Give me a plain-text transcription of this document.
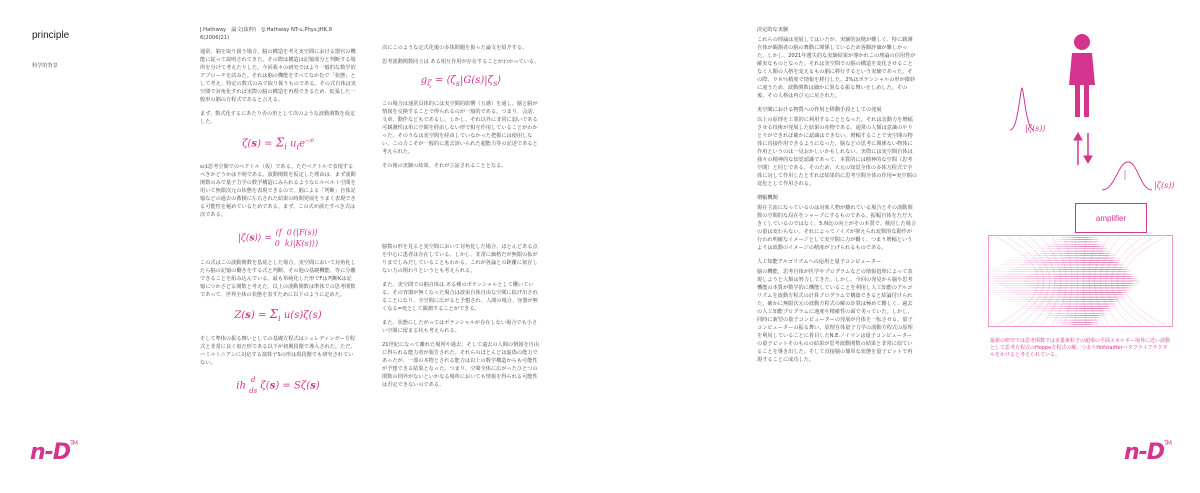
principle

科学的背景

J.Hathway　論文(抜粋)　(J.Hathway NT-u.Phys.JHK.8 6(2006)21)

通常、脳を取り扱う場合、脳の構造を考え実空間における器官の機能に従って説明されてきた。その際は構造は記憶部分と判断する場所を分けて考えたりした。今回我々の研究ではより一般的な数学的アプローチを試みた。それは脳の機能をすべてなかむで「状態」として考え、特定の数式のみで取り扱うものである。その式自体は実空間で対角化すれば実際の脳の構造を再現できるため、拡張した一般形の脳の方程式であると言える。

まず、数式化するにあたり否の形として次のような波動関数を仮定した。

$\zeta(s) = \Sigma_i$ $u_ie^{-i\theta}$

sは思考空間でのベクトル（仮）である。ただベクトルで表現するべきかどうかは不明である。波動関数を仮定した理由は、まず波動関数のみで量子力学の数学構造にみられるようなヒルベルト空間を用いて無限次元の状態を表現できるので、脳による「判断」自体記憶などの過去の蓄積に左右された結果の時間発展をうまく表現できる可能性を秘めているためである。まず、この式が満たすべき式は次である。

|ζ(s)⟩ = (f  0
0  k)(|F(s)⟩
|K(s)⟩)

この式はこの波動関数を基底とした場合、実空間において対角化したら脳の記憶の働きをする式と判断、その他の基礎機能、等に分離できることを組み込んでいる。最も単純化した形でFは判断Kは記憶につかさどる関数と考えた。以上の波動関数は準体での思考関数であって、世界全体の状態を表すために以下のように定めた。

$Z(s) = \Sigma_i$ u(s)ζ(s)

そして準体の振る舞いとしての基礎方程式はシュレディンガー方程式と非常に良く似た形である以下が初期段階で導入された。ただ、ハミルトニアンに対応する演算子Sの形は現段階でも研究されていない。

ih d
ds ζ(s) = Sζ(s)

次にこのような定式化後の多体問題を扱った論文を紹介する。

思考波動関数同士は ある相互作用が存在することがわかっている。

$g_\zeta$ = $⟨\zeta_s|G(s)|\zeta_s⟩$

この場合は通常具体的には実空間的影響（五感）を通し、脳と脳が情報を交換することで得られるのが一般的である。つまり、会話、文章、動作などもであるし。しかし、それ以外に非常に弱いである可観測性は単に空間を経由しない形で相互作用していることがわかった。そのうなは実空間を経由していなかった把握には使用しない。この力こそが一般的に逃去誤いられた超能力等の記述であると考えられた。

その後の実験の結果、それが立証されることとなる。

脳数の形を見ると実空間において対角化した場合、ほとんどある点を中心に患者は存在している。しかし、非常に価格だが無限の拡がりまでしみだしていることもわかる。これが各論との距離に依存しない力の関わりというとも考えられる。

また、実空間での脳自体は ある種のポテンシャルとして働いている。その容器が無くなった場合は波束自体自由な空間に拡げ出されることになり、全空間に広がると予想され、人間の場合、容器が無くなる=死として観測することができる。

また、状態にしたがってはポテンシャルが存在しない場合でも小さい空間に留まる状も考えられる。

21世紀になって離れた場所や過去、そして遠去の人間の情報を自由に得られる能力者が報告された。それらのほとんどは虚偽の能力であったが、一部の本物とされる能力は以上の数学構造からも可能性が予想できる結果となった。つまり、空間全体に広がったひとつの関数の則外がないといかなる場所においても情報を得られる可能性は否定できないのである。

n-D™
決定的な実験

これらの理論は発展してはいたが、実験的証拠が難しく、特に観測自体が観測者の脳の舞動に関係しているため客観評価が難しかった。しかし、2021年遺失的な実験結果が導かれこの理論の信用性が確実なものとなった。それは実空間での脳の構造を変化させることなく人類の人格を変えるもの脳に移行するという実験であった。その際、９８％精度で情報を移行した。2%はポテンシャルの形が微妙に違うため、波動関数は細かに異なる振る舞いをしめした。その後、その人格は再び元に戻された。

実空間における物質への作用と移動手段としての発展

以上の原理を工業的に利用することとなった。それは念動力を増幅させる技術が発展した結果の産物である。通常の人類は意識のやりとりができれば確かに認識はできない。増幅することで実空間の物体に直接作用できるようになった。脳などの思考に関係ない物体に作用というのは一見おかしいかもしれない。実際には実空間自体は我々の精神的な知覚認識であって、本質的には精神的な空間（思考空間）と同じである。そのため、大元の知覚全体の多体方程式で全体に対して作用したとすれば結果的に思考空間全体の作用=実空間の変化として作用される。

増幅機関

現在主流になっているのは対象人物が離れている場合とその波動関数の空間的な局在をシャープにするものである。振幅自体をただ大きくしているのではなく、5.N比の向上がその本質で、検討した場合の量は変わらない。それによってノイズが抑えられ変数的な動作が行われ明確なイメージとして実空間に力が働く。つまり増幅というよりは波動のイメージの精度が上げられるものである。

人工知能アルゴリズムへの応用と量子コンピューター

脳の機能、思考自体が医学やプログラムなどの情報処理によって表現しようと人類は努力してきた。しかし、今回の発見から脳や思考機能の本質が数学的に機能していることを利用し人工知能のアルゴリズムを波動方程式の計算プログラムで構築できると結論付けられた。確かに無限次元の波動方程式の解の計算は極めて難しく、過去の人工知能プログラムに速度や精確性の面で劣っていた。しかし、同時に新型の量子コンピューターの発展が自体を一転させる。量子コンピューターの振る舞い、原理自体量子力学の波動方程式の原理を利用していることに着目したN.E.ノイマンは量子コンピューターの量子ビットそのものの結果が思考波動関数の結果と非常に似ていることを導き出した。そして直接脳の簡単な状態を量子ビットで再現することに成功した。

n-D™
|ζ(s)⟩
|ζ(s)⟩
amplifier
最新の研究では思考関数では多量素粒子の超場の平面エネルギー境界に近い波動として思考方程式のHoppe方程式の解。つまりHofstadterバタフライフラクタルをかけると考えられている。
